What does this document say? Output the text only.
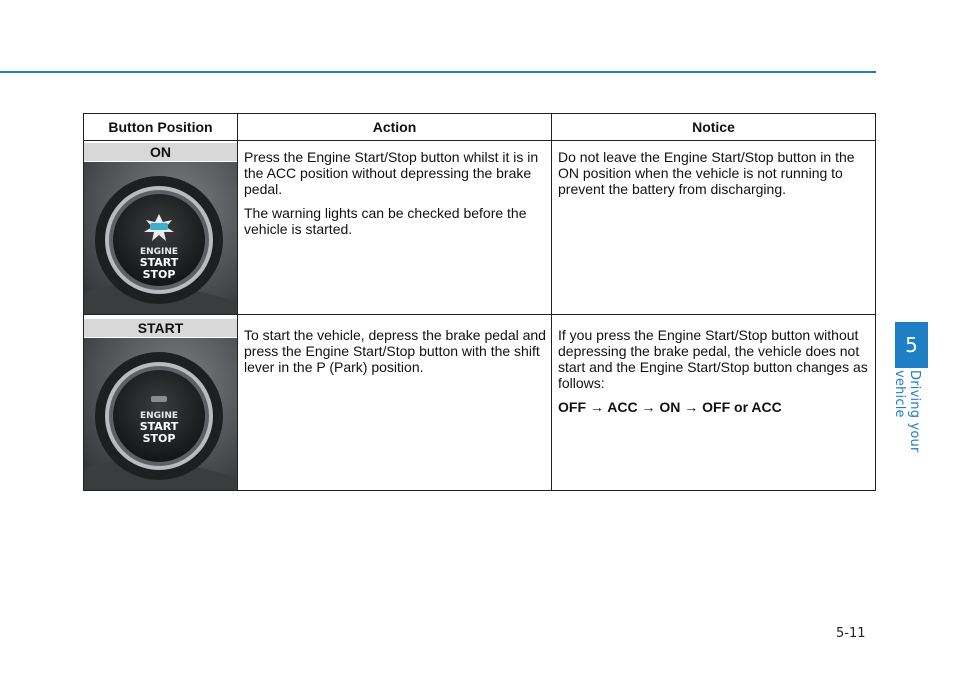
Button Position	Action	Notice
ON
ENGINE
START
STOP

Press the Engine Start/Stop button whilst it is in the ACC position without depressing the brake pedal.

The warning lights can be checked before the vehicle is started.

Do not leave the Engine Start/Stop button in the ON position when the vehicle is not running to prevent the battery from discharging.

START
ENGINE
START
STOP

To start the vehicle, depress the brake pedal and press the Engine Start/Stop button with the shift lever in the P (Park) position.

If you press the Engine Start/Stop button without depressing the brake pedal, the vehicle does not start and the Engine Start/Stop button changes as follows:

OFF → ACC → ON → OFF or ACC

5
Driving your vehicle
5-11
